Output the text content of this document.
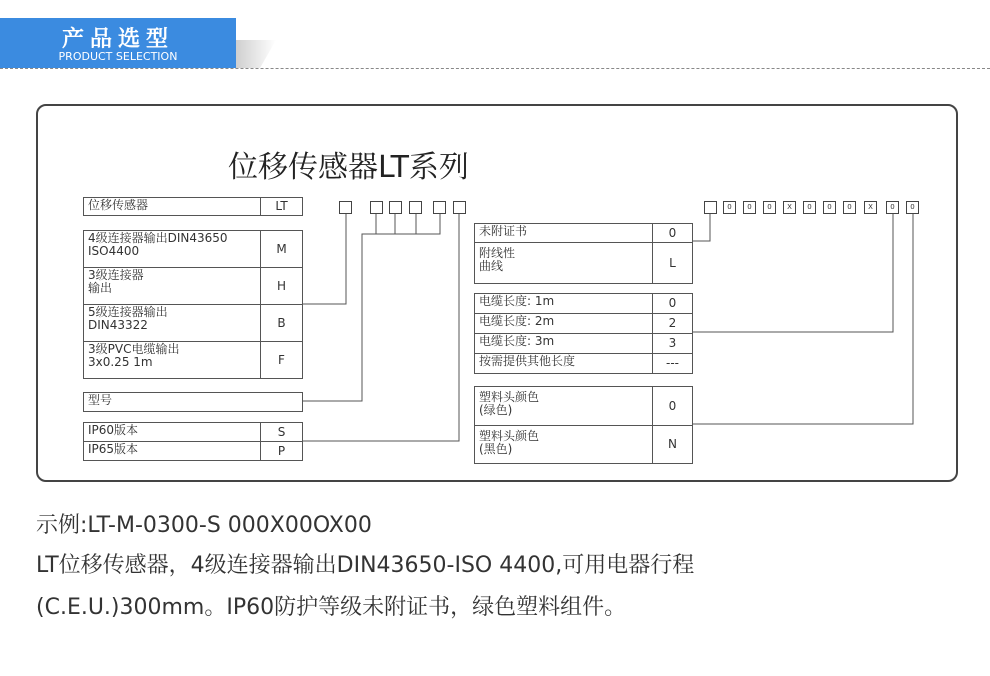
产品选型
PRODUCT SELECTION
位移传感器LT系列
位移传感器	LT
4级连接器输出DIN43650
ISO4400	M
3级连接器
输出	H
5级连接器输出
DIN43322	B
3级PVC电缆输出
3x0.25 1m	F
型号
IP60版本	S
IP65版本	P
0	0	0	X	0	0	0	X	0	0
未附证书	0
附线性
曲线	L
电缆长度: 1m	0
电缆长度: 2m	2
电缆长度: 3m	3
按需提供其他长度	---
塑料头颜色
(绿色)	0
塑料头颜色
(黑色)	N
示例:LT-M-0300-S 000X00OX00
LT位移传感器，4级连接器输出DIN43650-ISO 4400,可用电器行程
(C.E.U.)300mm。IP60防护等级未附证书，绿色塑料组件。
